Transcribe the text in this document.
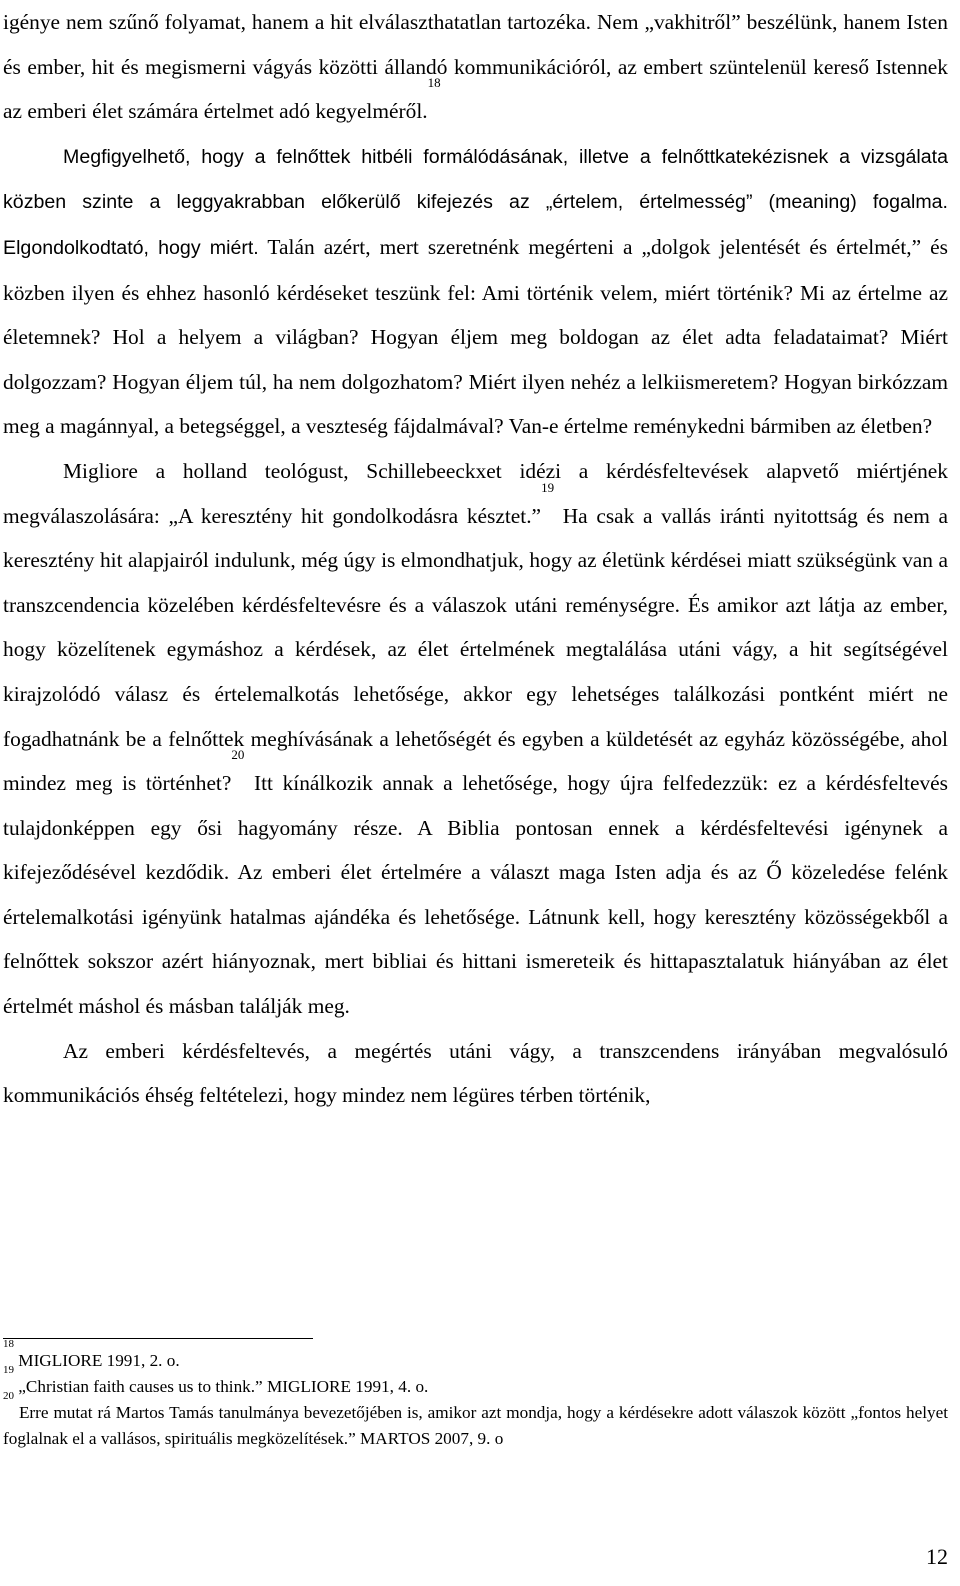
igénye nem szűnő folyamat, hanem a hit elválaszthatatlan tartozéka. Nem „vakhitről” beszélünk, hanem Isten és ember, hit és megismerni vágyás közötti állandó kommunikációról, az embert szüntelenül kereső Istennek az emberi élet számára értelmet adó kegyelméről.$^{18}$

Megfigyelhető, hogy a felnőttek hitbéli formálódásának, illetve a felnőttkatekézisnek a vizsgálata közben szinte a leggyakrabban előkerülő kifejezés az „értelem, értelmesség” (meaning) fogalma. Elgondolkodtató, hogy miért. Talán azért, mert szeretnénk megérteni a „dolgok jelentését és értelmét,” és közben ilyen és ehhez hasonló kérdéseket teszünk fel: Ami történik velem, miért történik? Mi az értelme az életemnek? Hol a helyem a világban? Hogyan éljem meg boldogan az élet adta feladataimat? Miért dolgozzam? Hogyan éljem túl, ha nem dolgozhatom? Miért ilyen nehéz a lelkiismeretem? Hogyan birkózzam meg a magánnyal, a betegséggel, a veszteség fájdalmával? Van-e értelme reménykedni bármiben az életben?

Migliore a holland teológust, Schillebeeckxet idézi a kérdésfeltevések alapvető miértjének megválaszolására: „A keresztény hit gondolkodásra késztet.”$^{19}$ Ha csak a vallás iránti nyitottság és nem a keresztény hit alapjairól indulunk, még úgy is elmondhatjuk, hogy az életünk kérdései miatt szükségünk van a transzcendencia közelében kérdésfeltevésre és a válaszok utáni reménységre. És amikor azt látja az ember, hogy közelítenek egymáshoz a kérdések, az élet értelmének megtalálása utáni vágy, a hit segítségével kirajzolódó válasz és értelemalkotás lehetősége, akkor egy lehetséges találkozási pontként miért ne fogadhatnánk be a felnőttek meghívásának a lehetőségét és egyben a küldetését az egyház közösségébe, ahol mindez meg is történhet?$^{20}$ Itt kínálkozik annak a lehetősége, hogy újra felfedezzük: ez a kérdésfeltevés tulajdonképpen egy ősi hagyomány része. A Biblia pontosan ennek a kérdésfeltevési igénynek a kifejeződésével kezdődik. Az emberi élet értelmére a választ maga Isten adja és az Ő közeledése felénk értelemalkotási igényünk hatalmas ajándéka és lehetősége. Látnunk kell, hogy keresztény közösségekből a felnőttek sokszor azért hiányoznak, mert bibliai és hittani ismereteik és hittapasztalatuk hiányában az élet értelmét máshol és másban találják meg.

Az emberi kérdésfeltevés, a megértés utáni vágy, a transzcendens irányában megvalósuló kommunikációs éhség feltételezi, hogy mindez nem légüres térben történik,

$^{18}$ MIGLIORE 1991, 2. o.

$^{19}$ „Christian faith causes us to think.” MIGLIORE 1991, 4. o.

$^{20}$ Erre mutat rá Martos Tamás tanulmánya bevezetőjében is, amikor azt mondja, hogy a kérdésekre adott válaszok között „fontos helyet foglalnak el a vallásos, spirituális megközelítések.” MARTOS 2007, 9. o

12
